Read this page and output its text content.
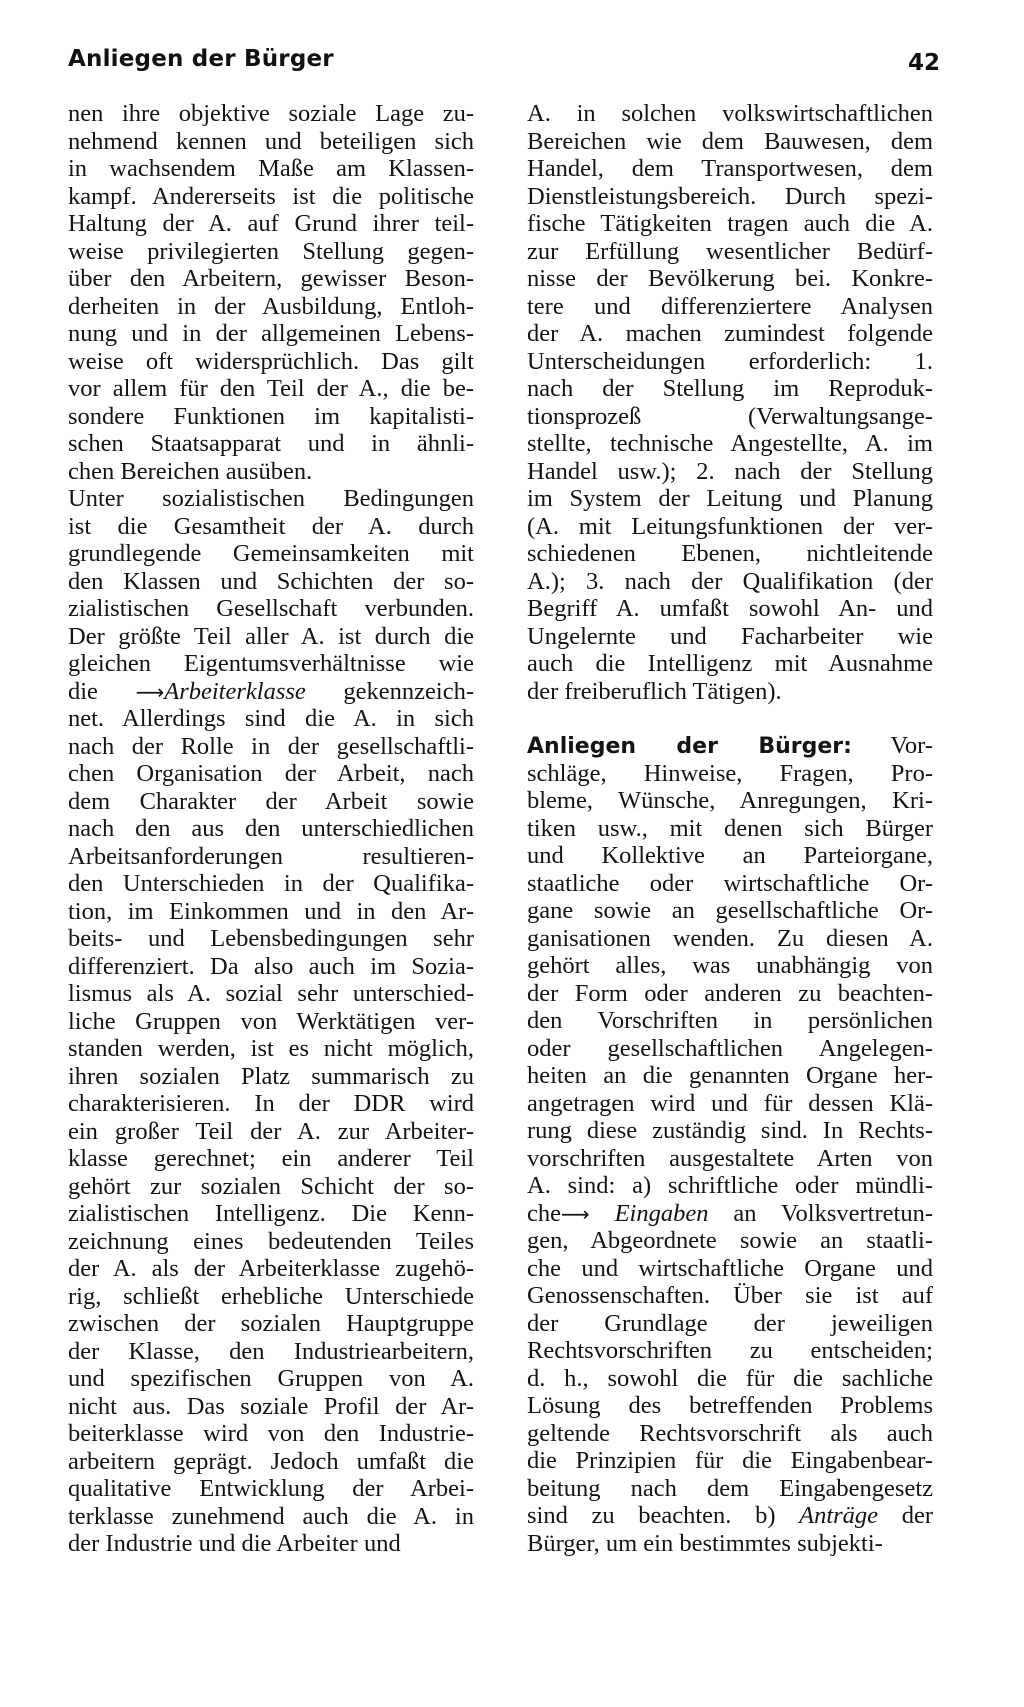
Anliegen der Bürger	42
nen ihre objektive soziale Lage zu-
nehmend kennen und beteiligen sich
in wachsendem Maße am Klassen-
kampf. Andererseits ist die politische
Haltung der A. auf Grund ihrer teil-
weise privilegierten Stellung gegen-
über den Arbeitern, gewisser Beson-
derheiten in der Ausbildung, Entloh-
nung und in der allgemeinen Lebens-
weise oft widersprüchlich. Das gilt
vor allem für den Teil der A., die be-
sondere Funktionen im kapitalisti-
schen Staatsapparat und in ähnli-
chen Bereichen ausüben.
Unter sozialistischen Bedingungen
ist die Gesamtheit der A. durch
grundlegende Gemeinsamkeiten mit
den Klassen und Schichten der so-
zialistischen Gesellschaft verbunden.
Der größte Teil aller A. ist durch die
gleichen Eigentumsverhältnisse wie
die ⟶Arbeiterklasse gekennzeich-
net. Allerdings sind die A. in sich
nach der Rolle in der gesellschaftli-
chen Organisation der Arbeit, nach
dem Charakter der Arbeit sowie
nach den aus den unterschiedlichen
Arbeitsanforderungen resultieren-
den Unterschieden in der Qualifika-
tion, im Einkommen und in den Ar-
beits- und Lebensbedingungen sehr
differenziert. Da also auch im Sozia-
lismus als A. sozial sehr unterschied-
liche Gruppen von Werktätigen ver-
standen werden, ist es nicht möglich,
ihren sozialen Platz summarisch zu
charakterisieren. In der DDR wird
ein großer Teil der A. zur Arbeiter-
klasse gerechnet; ein anderer Teil
gehört zur sozialen Schicht der so-
zialistischen Intelligenz. Die Kenn-
zeichnung eines bedeutenden Teiles
der A. als der Arbeiterklasse zugehö-
rig, schließt erhebliche Unterschiede
zwischen der sozialen Hauptgruppe
der Klasse, den Industriearbeitern,
und spezifischen Gruppen von A.
nicht aus. Das soziale Profil der Ar-
beiterklasse wird von den Industrie-
arbeitern geprägt. Jedoch umfaßt die
qualitative Entwicklung der Arbei-
terklasse zunehmend auch die A. in
der Industrie und die Arbeiter und
A. in solchen volkswirtschaftlichen
Bereichen wie dem Bauwesen, dem
Handel, dem Transportwesen, dem
Dienstleistungsbereich. Durch spezi-
fische Tätigkeiten tragen auch die A.
zur Erfüllung wesentlicher Bedürf-
nisse der Bevölkerung bei. Konkre-
tere und differenziertere Analysen
der A. machen zumindest folgende
Unterscheidungen erforderlich: 1.
nach der Stellung im Reproduk-
tionsprozeß (Verwaltungsange-
stellte, technische Angestellte, A. im
Handel usw.); 2. nach der Stellung
im System der Leitung und Planung
(A. mit Leitungsfunktionen der ver-
schiedenen Ebenen, nichtleitende
A.); 3. nach der Qualifikation (der
Begriff A. umfaßt sowohl An- und
Ungelernte und Facharbeiter wie
auch die Intelligenz mit Ausnahme
der freiberuflich Tätigen).
Anliegen der Bürger: Vor-
schläge, Hinweise, Fragen, Pro-
bleme, Wünsche, Anregungen, Kri-
tiken usw., mit denen sich Bürger
und Kollektive an Parteiorgane,
staatliche oder wirtschaftliche Or-
gane sowie an gesellschaftliche Or-
ganisationen wenden. Zu diesen A.
gehört alles, was unabhängig von
der Form oder anderen zu beachten-
den Vorschriften in persönlichen
oder gesellschaftlichen Angelegen-
heiten an die genannten Organe her-
angetragen wird und für dessen Klä-
rung diese zuständig sind. In Rechts-
vorschriften ausgestaltete Arten von
A. sind: a) schriftliche oder mündli-
che⟶ Eingaben an Volksvertretun-
gen, Abgeordnete sowie an staatli-
che und wirtschaftliche Organe und
Genossenschaften. Über sie ist auf
der Grundlage der jeweiligen
Rechtsvorschriften zu entscheiden;
d. h., sowohl die für die sachliche
Lösung des betreffenden Problems
geltende Rechtsvorschrift als auch
die Prinzipien für die Eingabenbear-
beitung nach dem Eingabengesetz
sind zu beachten. b) Anträge der
Bürger, um ein bestimmtes subjekti-
